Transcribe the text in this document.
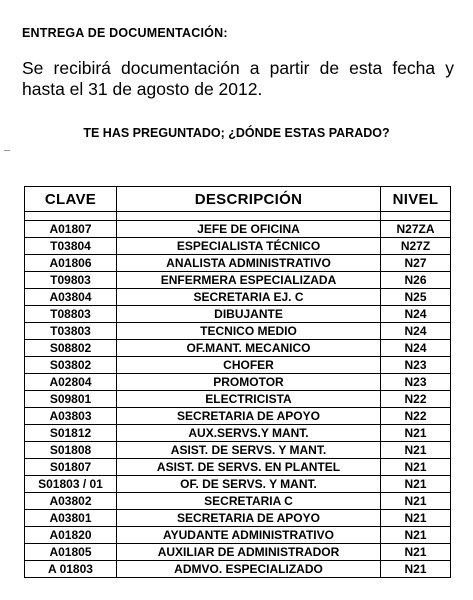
ENTREGA DE DOCUMENTACIÓN:

Se recibirá documentación a partir de esta fecha y hasta el 31 de agosto de 2012.

TE HAS PREGUNTADO; ¿DÓNDE ESTAS PARADO?
CLAVE	DESCRIPCIÓN	NIVEL

A01807	JEFE DE OFICINA	N27ZA
T03804	ESPECIALISTA TÉCNICO	N27Z
A01806	ANALISTA ADMINISTRATIVO	N27
T09803	ENFERMERA ESPECIALIZADA	N26
A03804	SECRETARIA EJ. C	N25
T08803	DIBUJANTE	N24
T03803	TECNICO MEDIO	N24
S08802	OF.MANT. MECANICO	N24
S03802	CHOFER	N23
A02804	PROMOTOR	N23
S09801	ELECTRICISTA	N22
A03803	SECRETARIA DE APOYO	N22
S01812	AUX.SERVS.Y MANT.	N21
S01808	ASIST. DE SERVS. Y MANT.	N21
S01807	ASIST. DE SERVS. EN PLANTEL	N21
S01803 / 01	OF. DE SERVS. Y MANT.	N21
A03802	SECRETARIA C	N21
A03801	SECRETARIA DE APOYO	N21
A01820	AYUDANTE ADMINISTRATIVO	N21
A01805	AUXILIAR DE ADMINISTRADOR	N21
A 01803	ADMVO. ESPECIALIZADO	N21
